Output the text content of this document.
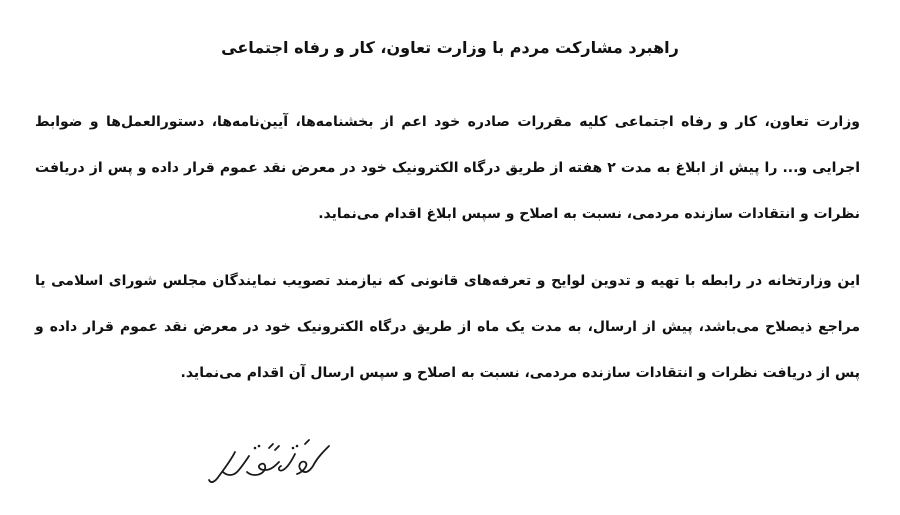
راهبرد مشارکت مردم با وزارت تعاون، کار و رفاه اجتماعی

وزارت تعاون، کار و رفاه اجتماعی کلیه مقررات صادره خود اعم از بخشنامه‌ها، آیین‌نامه‌ها، دستورالعمل‌ها و ضوابط اجرایی و... را پیش از ابلاغ به مدت ۲ هفته از طریق درگاه الکترونیک خود در معرض نقد عموم قرار داده و پس از دریافت نظرات و انتقادات سازنده مردمی، نسبت به اصلاح و سپس ابلاغ اقدام می‌نماید.

این وزارتخانه در رابطه با تهیه و تدوین لوایح و تعرفه‌های قانونی که نیازمند تصویب نمایندگان مجلس شورای اسلامی یا مراجع ذیصلاح می‌باشد، پیش از ارسال، به مدت یک ماه از طریق درگاه الکترونیک خود در معرض نقد عموم قرار داده و پس از دریافت نظرات و انتقادات سازنده مردمی، نسبت به اصلاح و سپس ارسال آن اقدام می‌نماید.
